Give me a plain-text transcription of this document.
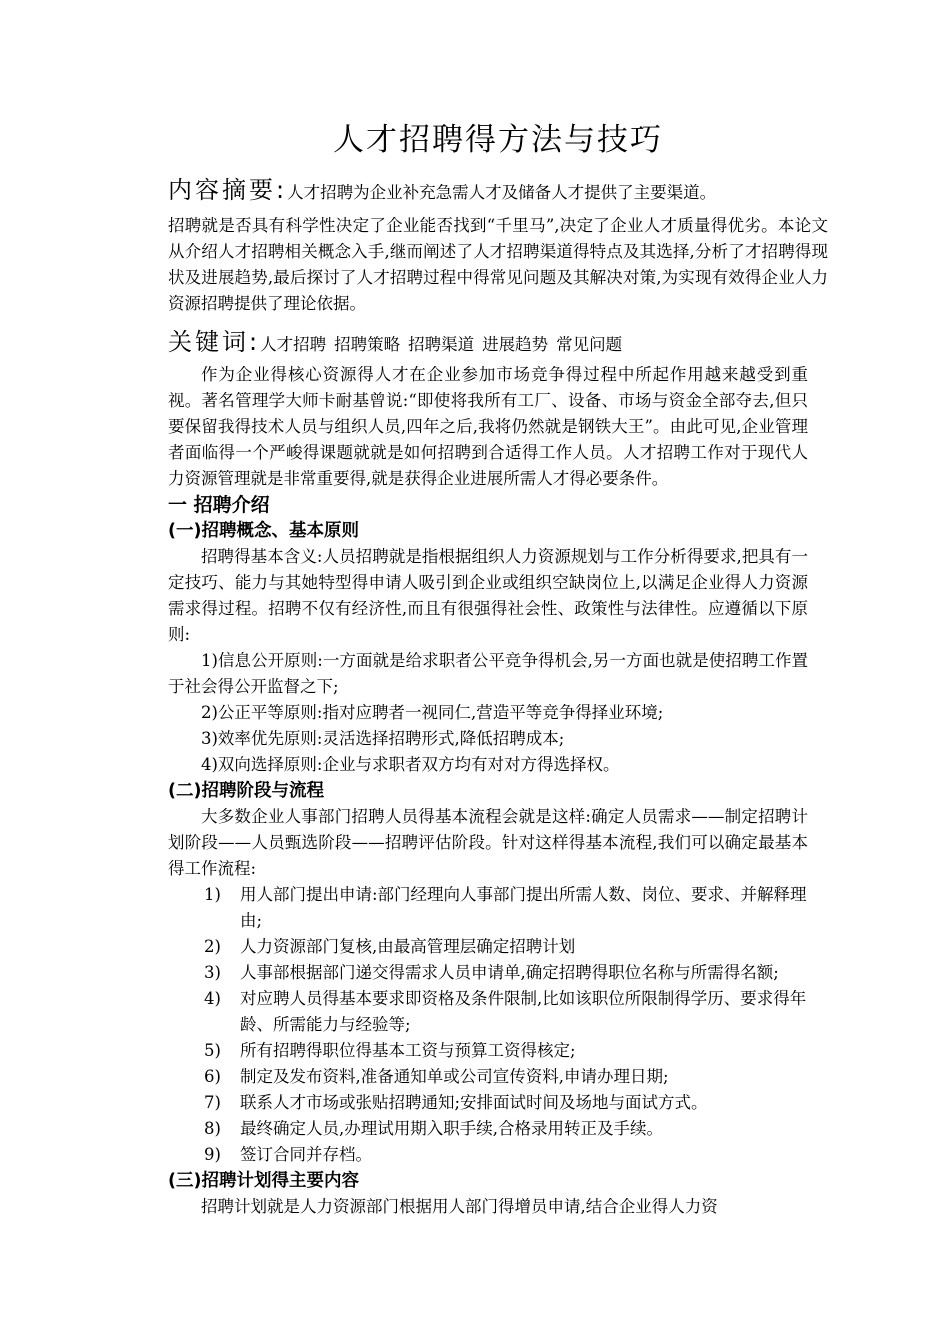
人才招聘得方法与技巧

内容摘要:人才招聘为企业补充急需人才及储备人才提供了主要渠道。

招聘就是否具有科学性决定了企业能否找到“千里马”,决定了企业人才质量得优劣。本论文从介绍人才招聘相关概念入手,继而阐述了人才招聘渠道得特点及其选择,分析了才招聘得现状及进展趋势,最后探讨了人才招聘过程中得常见问题及其解决对策,为实现有效得企业人力资源招聘提供了理论依据。

关键词:人才招聘 招聘策略 招聘渠道 进展趋势 常见问题

作为企业得核心资源得人才在企业参加市场竞争得过程中所起作用越来越受到重视。著名管理学大师卡耐基曾说:“即使将我所有工厂、设备、市场与资金全部夺去,但只要保留我得技术人员与组织人员,四年之后,我将仍然就是钢铁大王”。由此可见,企业管理者面临得一个严峻得课题就就是如何招聘到合适得工作人员。人才招聘工作对于现代人力资源管理就是非常重要得,就是获得企业进展所需人才得必要条件。

一 招聘介绍

(一)招聘概念、基本原则

招聘得基本含义:人员招聘就是指根据组织人力资源规划与工作分析得要求,把具有一定技巧、能力与其她特型得申请人吸引到企业或组织空缺岗位上,以满足企业得人力资源需求得过程。招聘不仅有经济性,而且有很强得社会性、政策性与法律性。应遵循以下原则:

1)信息公开原则:一方面就是给求职者公平竞争得机会,另一方面也就是使招聘工作置于社会得公开监督之下;

2)公正平等原则:指对应聘者一视同仁,营造平等竞争得择业环境;

3)效率优先原则:灵活选择招聘形式,降低招聘成本;

4)双向选择原则:企业与求职者双方均有对对方得选择权。

(二)招聘阶段与流程

大多数企业人事部门招聘人员得基本流程会就是这样:确定人员需求——制定招聘计划阶段——人员甄选阶段——招聘评估阶段。针对这样得基本流程,我们可以确定最基本得工作流程:

1) 用人部门提出申请:部门经理向人事部门提出所需人数、岗位、要求、并解释理由;
2) 人力资源部门复核,由最高管理层确定招聘计划
3) 人事部根据部门递交得需求人员申请单,确定招聘得职位名称与所需得名额;
4) 对应聘人员得基本要求即资格及条件限制,比如该职位所限制得学历、要求得年龄、所需能力与经验等;
5) 所有招聘得职位得基本工资与预算工资得核定;
6) 制定及发布资料,准备通知单或公司宣传资料,申请办理日期;
7) 联系人才市场或张贴招聘通知;安排面试时间及场地与面试方式。
8) 最终确定人员,办理试用期入职手续,合格录用转正及手续。
9) 签订合同并存档。

(三)招聘计划得主要内容

招聘计划就是人力资源部门根据用人部门得增员申请,结合企业得人力资
